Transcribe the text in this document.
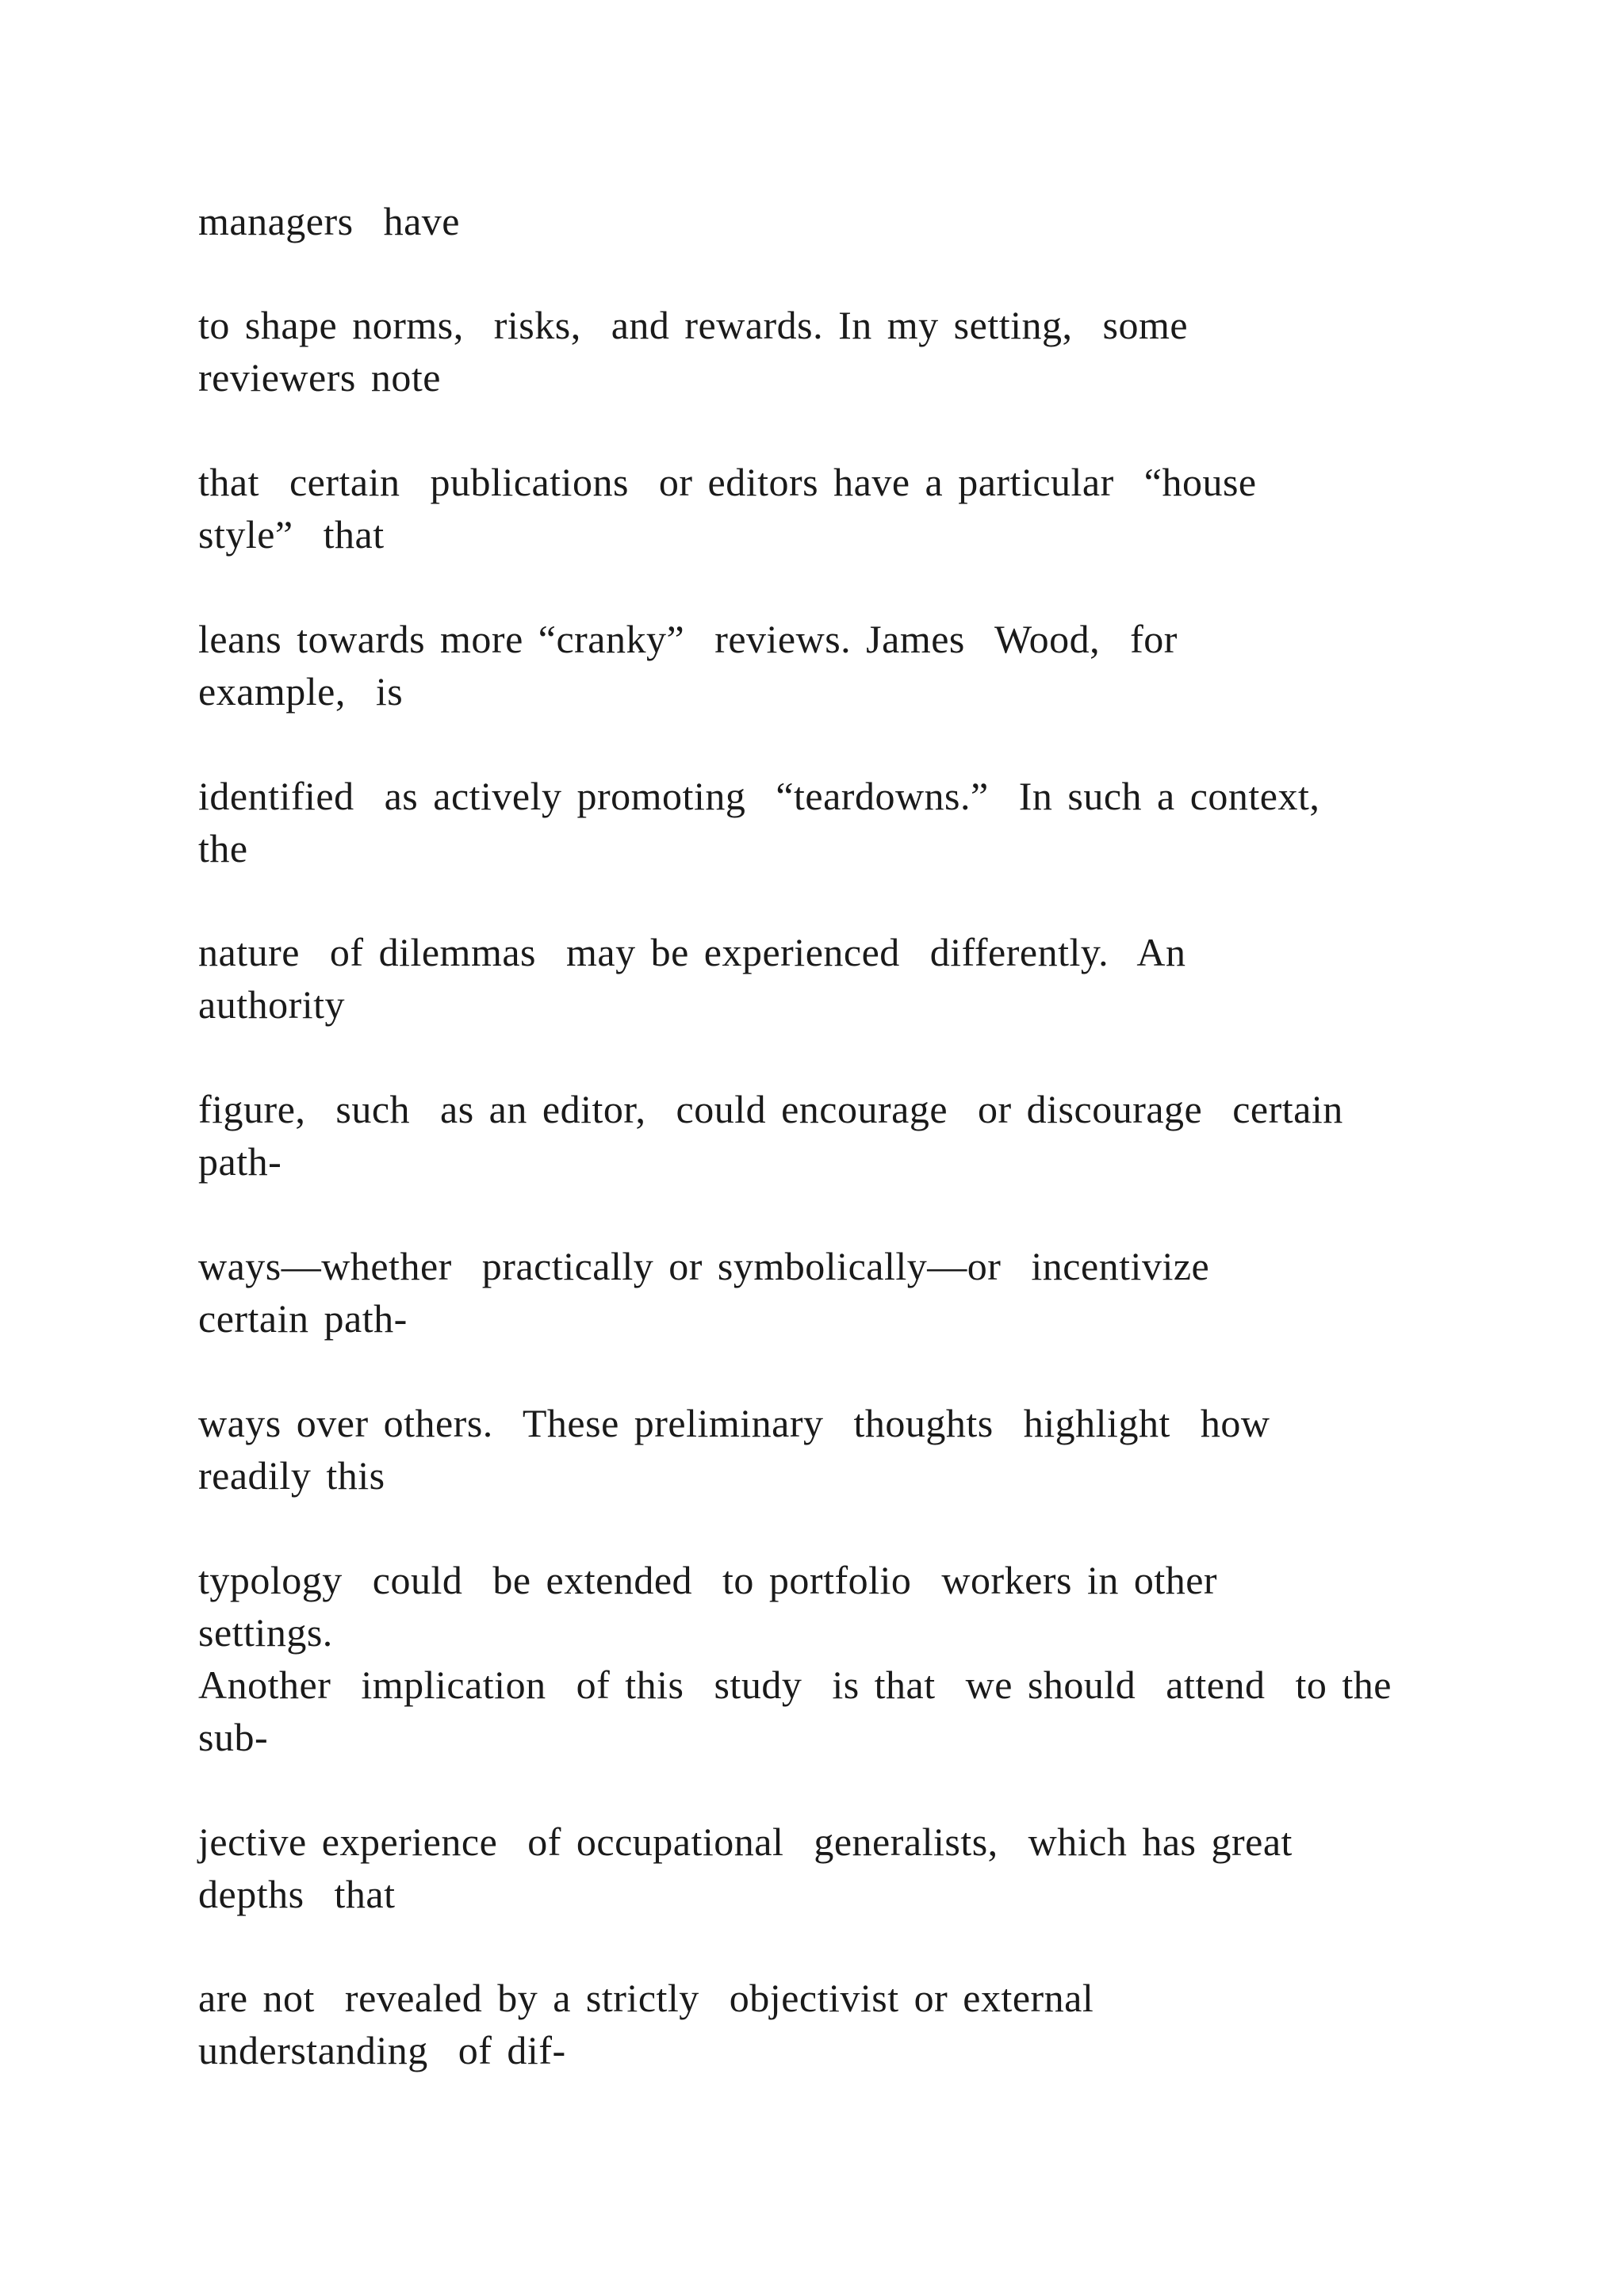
managers  have

to shape norms,  risks,  and rewards. In my setting,  some

reviewers note

that  certain  publications  or editors have a particular  “house

style”  that

leans towards more “cranky”  reviews. James  Wood,  for

example,  is

identified  as actively promoting  “teardowns.”  In such a context,

the

nature  of dilemmas  may be experienced  differently.  An

authority

figure,  such  as an editor,  could encourage  or discourage  certain

path-

ways—whether  practically or symbolically—or  incentivize

certain path-

ways over others.  These preliminary  thoughts  highlight  how

readily this

typology  could  be extended  to portfolio  workers in other

settings.

Another  implication  of this  study  is that  we should  attend  to the

sub-

jective experience  of occupational  generalists,  which has great

depths  that

are not  revealed by a strictly  objectivist or external

understanding  of dif-
